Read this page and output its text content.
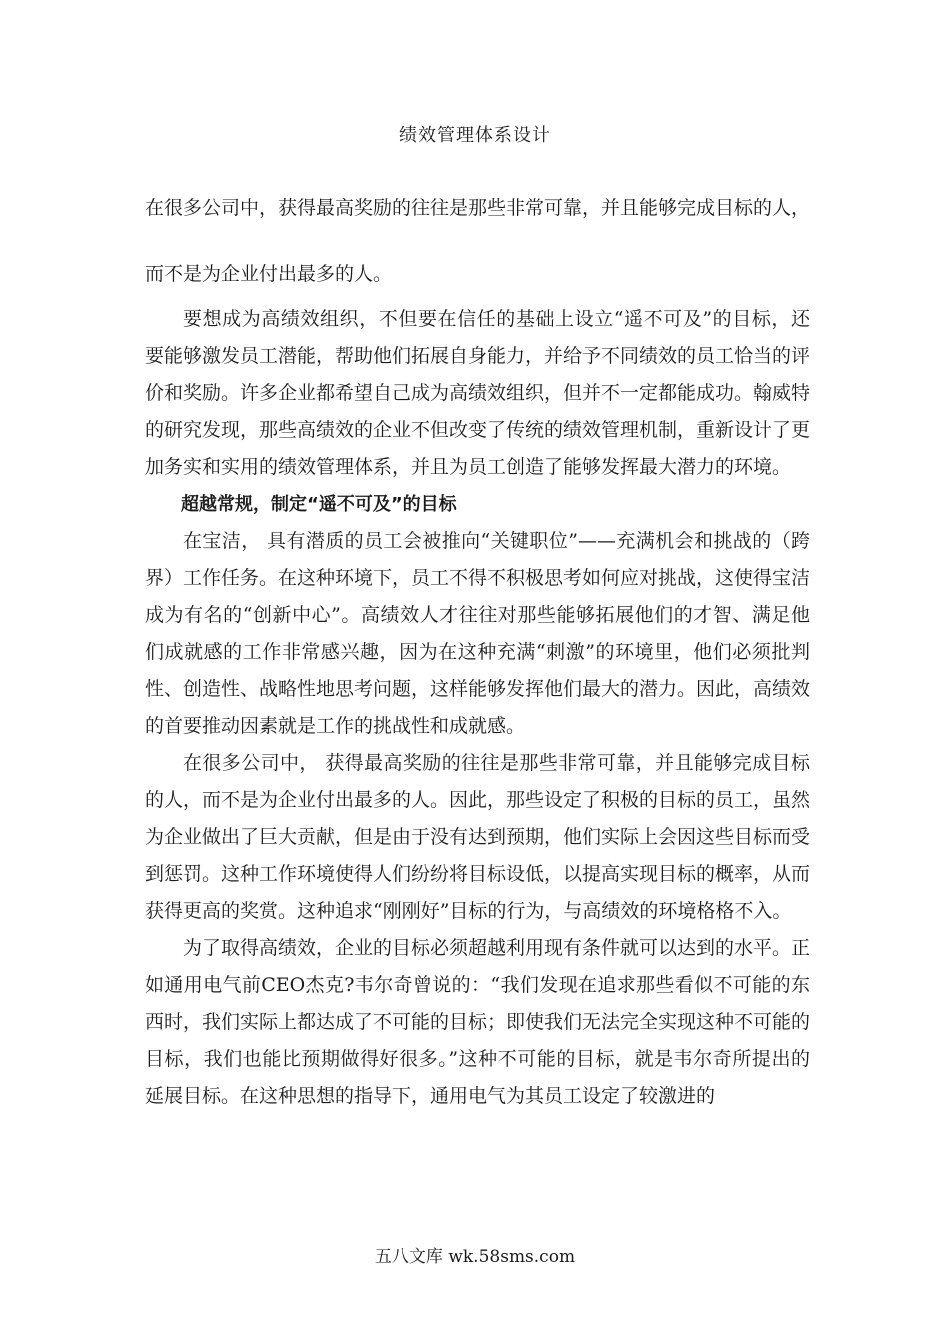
绩效管理体系设计
在很多公司中，获得最高奖励的往往是那些非常可靠，并且能够完成目标的人，
而不是为企业付出最多的人。

要想成为高绩效组织，不但要在信任的基础上设立“遥不可及”的目标，还要能够激发员工潜能，帮助他们拓展自身能力，并给予不同绩效的员工恰当的评价和奖励。许多企业都希望自己成为高绩效组织，但并不一定都能成功。翰威特的研究发现，那些高绩效的企业不但改变了传统的绩效管理机制，重新设计了更加务实和实用的绩效管理体系，并且为员工创造了能够发挥最大潜力的环境。

超越常规，制定“遥不可及”的目标

在宝洁， 具有潜质的员工会被推向“关键职位”——充满机会和挑战的（跨界）工作任务。在这种环境下，员工不得不积极思考如何应对挑战，这使得宝洁成为有名的“创新中心”。高绩效人才往往对那些能够拓展他们的才智、满足他们成就感的工作非常感兴趣，因为在这种充满“刺激”的环境里，他们必须批判性、创造性、战略性地思考问题，这样能够发挥他们最大的潜力。因此，高绩效的首要推动因素就是工作的挑战性和成就感。

在很多公司中， 获得最高奖励的往往是那些非常可靠，并且能够完成目标的人，而不是为企业付出最多的人。因此，那些设定了积极的目标的员工，虽然为企业做出了巨大贡献，但是由于没有达到预期，他们实际上会因这些目标而受到惩罚。这种工作环境使得人们纷纷将目标设低，以提高实现目标的概率，从而获得更高的奖赏。这种追求“刚刚好”目标的行为，与高绩效的环境格格不入。

为了取得高绩效，企业的目标必须超越利用现有条件就可以达到的水平。正如通用电气前CEO杰克?韦尔奇曾说的：“我们发现在追求那些看似不可能的东西时，我们实际上都达成了不可能的目标；即使我们无法完全实现这种不可能的目标，我们也能比预期做得好很多。”这种不可能的目标，就是韦尔奇所提出的延展目标。在这种思想的指导下，通用电气为其员工设定了较激进的

五八文库 wk.58sms.com
